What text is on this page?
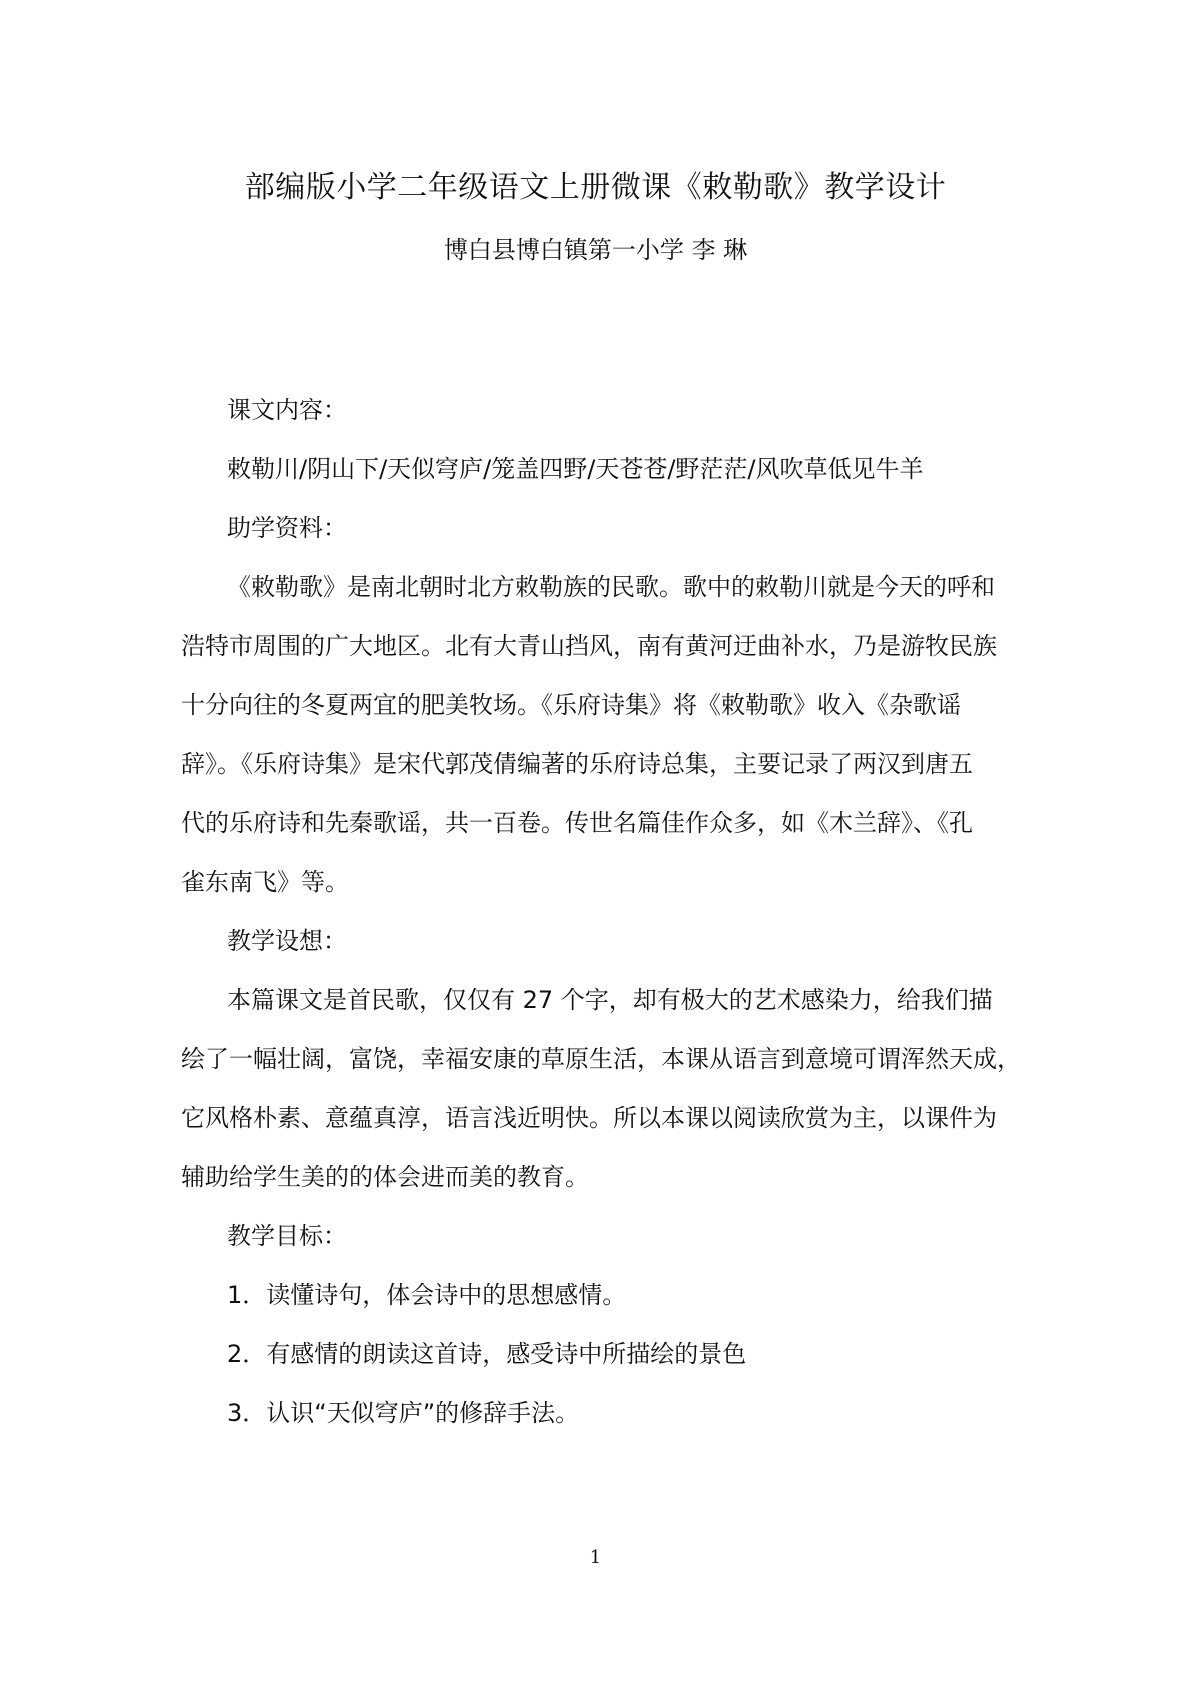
部编版小学二年级语文上册微课《敕勒歌》教学设计
博白县博白镇第一小学 李 琳
课文内容：
敕勒川/阴山下/天似穹庐/笼盖四野/天苍苍/野茫茫/风吹草低见牛羊
助学资料：
《敕勒歌》是南北朝时北方敕勒族的民歌。歌中的敕勒川就是今天的呼和
浩特市周围的广大地区。北有大青山挡风，南有黄河迂曲补水，乃是游牧民族
十分向往的冬夏两宜的肥美牧场。《乐府诗集》将《敕勒歌》收入《杂歌谣
辞》。《乐府诗集》是宋代郭茂倩编著的乐府诗总集，主要记录了两汉到唐五
代的乐府诗和先秦歌谣，共一百卷。传世名篇佳作众多，如《木兰辞》、《孔
雀东南飞》等。
教学设想：
本篇课文是首民歌，仅仅有 27 个字，却有极大的艺术感染力，给我们描
绘了一幅壮阔，富饶，幸福安康的草原生活，本课从语言到意境可谓浑然天成，
它风格朴素、意蕴真淳，语言浅近明快。所以本课以阅读欣赏为主，以课件为
辅助给学生美的的体会进而美的教育。
教学目标：
1．读懂诗句，体会诗中的思想感情。
2．有感情的朗读这首诗，感受诗中所描绘的景色
3．认识“天似穹庐”的修辞手法。
1
